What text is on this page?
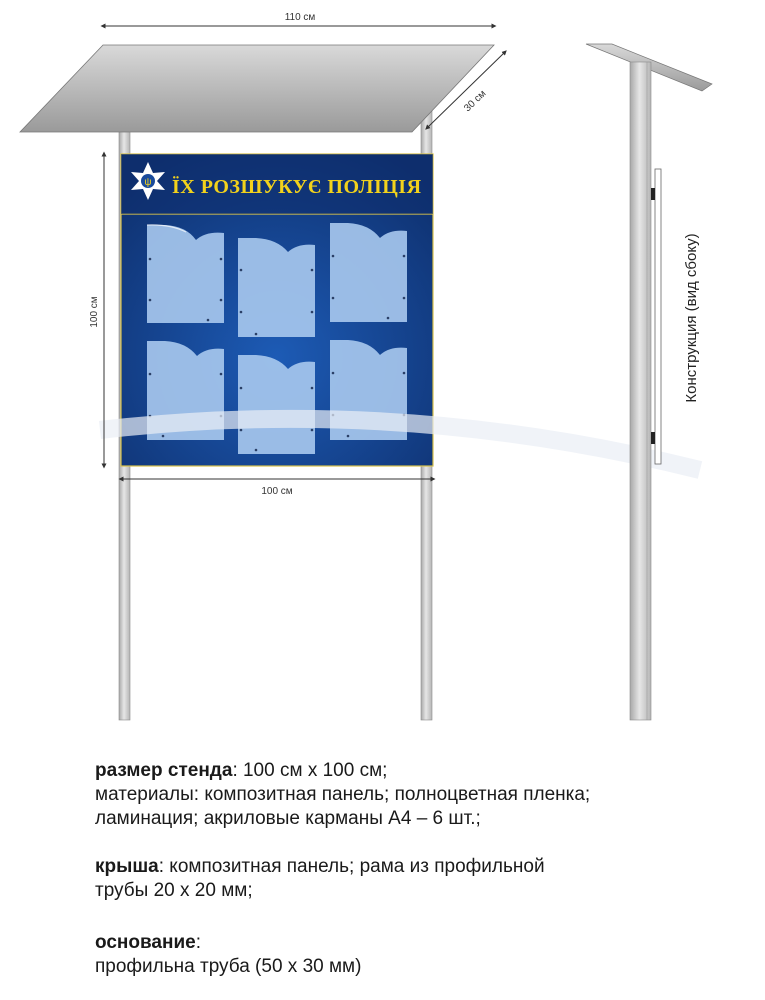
ψ ЇХ РОЗШУКУЄ ПОЛІЦІЯ
110 см
30 см
100 см
100 см
Конструкция (вид сбоку)
размер стенда: 100 см х 100 см;
материалы: композитная панель; полноцветная пленка;
ламинация; акриловые карманы А4 – 6 шт.;
крыша: композитная панель; рама из профильной
трубы 20 х 20 мм;
основание:
профильна труба (50 х 30 мм)
